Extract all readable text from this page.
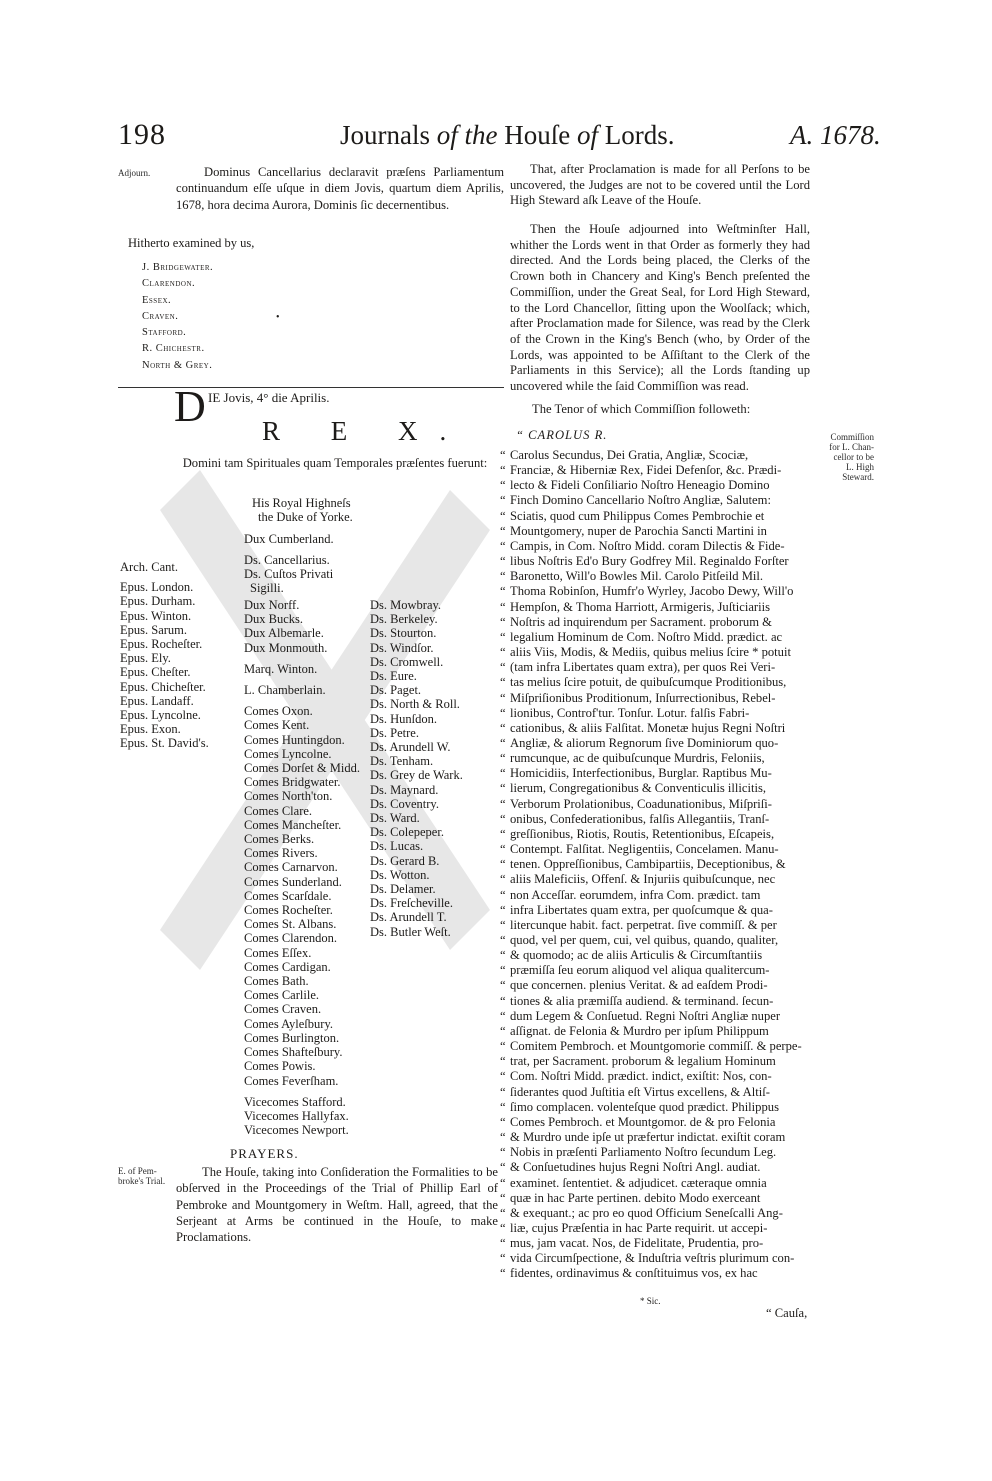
198	Journals of the Houſe of Lords.	A. 1678.
Adjourn.	Dominus Cancellarius declaravit præſens Parliamentum continuandum eſſe uſque in diem Jovis, quartum diem Aprilis, 1678, hora decima Aurora, Dominis ſic decernentibus.
Hitherto examined by us,
J. Bridgewater.
Clarendon.
Essex.
Craven.
Stafford.
R. Chichestr.
North & Grey.
•
D IE Jovis, 4° die Aprilis.
R E X.
Domini tam Spirituales quam Temporales præſentes fuerunt:
His Royal Highneſs
the Duke of Yorke.
Dux Cumberland.
Ds. Cancellarius.
Ds. Cuſtos Privati
Sigilli.
Arch. Cant.
Epus. London.
Epus. Durham.
Epus. Winton.
Epus. Sarum.
Epus. Rocheſter.
Epus. Ely.
Epus. Cheſter.
Epus. Chicheſter.
Epus. Landaff.
Epus. Lyncolne.
Epus. Exon.
Epus. St. David's.
Dux Norff.
Dux Bucks.
Dux Albemarle.
Dux Monmouth.
Marq. Winton.
L. Chamberlain.
Comes Oxon.
Comes Kent.
Comes Huntingdon.
Comes Lyncolne.
Comes Dorſet & Midd.
Comes Bridgwater.
Comes North'ton.
Comes Clare.
Comes Mancheſter.
Comes Berks.
Comes Rivers.
Comes Carnarvon.
Comes Sunderland.
Comes Scarſdale.
Comes Rocheſter.
Comes St. Albans.
Comes Clarendon.
Comes Eſſex.
Comes Cardigan.
Comes Bath.
Comes Carlile.
Comes Craven.
Comes Ayleſbury.
Comes Burlington.
Comes Shafteſbury.
Comes Powis.
Comes Feverſham.
Vicecomes Stafford.
Vicecomes Hallyfax.
Vicecomes Newport.
Ds. Mowbray.
Ds. Berkeley.
Ds. Stourton.
Ds. Windſor.
Ds. Cromwell.
Ds. Eure.
Ds. Paget.
Ds. North & Roll.
Ds. Hunſdon.
Ds. Petre.
Ds. Arundell W.
Ds. Tenham.
Ds. Grey de Wark.
Ds. Maynard.
Ds. Coventry.
Ds. Ward.
Ds. Colepeper.
Ds. Lucas.
Ds. Gerard B.
Ds. Wotton.
Ds. Delamer.
Ds. Freſcheville.
Ds. Arundell T.
Ds. Butler Weſt.
PRAYERS.
E. of Pem-
broke's Trial.
The Houſe, taking into Conſideration the Formalities to be obſerved in the Proceedings of the Trial of Phillip Earl of Pembroke and Mountgomery in Weſtm. Hall, agreed, that the Serjeant at Arms be continued in the Houſe, to make Proclamations.
That, after Proclamation is made for all Perſons to be uncovered, the Judges are not to be covered until the Lord High Steward aſk Leave of the Houſe.
Then the Houſe adjourned into Weſtminſter Hall, whither the Lords went in that Order as formerly they had directed. And the Lords being placed, the Clerks of the Crown both in Chancery and King's Bench preſented the Commiſſion, under the Great Seal, for Lord High Steward, to the Lord Chancellor, ſitting upon the Woolſack; which, after Proclamation made for Silence, was read by the Clerk of the Crown in the King's Bench (who, by Order of the Lords, was appointed to be Aſſiſtant to the Clerk of the Parliaments in this Service); all the Lords ſtanding up uncovered while the ſaid Commiſſion was read.
The Tenor of which Commiſſion followeth:
“ CAROLUS R.	Commiſſion
for L. Chan-
cellor to be
L. High
Steward.
“ Carolus Secundus, Dei Gratia, Angliæ, Scociæ,
“ Franciæ, & Hiberniæ Rex, Fidei Defenſor, &c. Prædi-
“ lecto & Fideli Conſiliario Noſtro Heneagio Domino
“ Finch Domino Cancellario Noſtro Angliæ, Salutem:
“ Sciatis, quod cum Philippus Comes Pembrochie et
“ Mountgomery, nuper de Parochia Sancti Martini in
“ Campis, in Com. Noſtro Midd. coram Dilectis & Fide-
“ libus Noſtris Ed'o Bury Godfrey Mil. Reginaldo Forſter
“ Baronetto, Will'o Bowles Mil. Carolo Pitſeild Mil.
“ Thoma Robinſon, Humfr'o Wyrley, Jacobo Dewy, Will'o
“ Hempſon, & Thoma Harriott, Armigeris, Juſticiariis
“ Noſtris ad inquirendum per Sacrament. proborum &
“ legalium Hominum de Com. Noſtro Midd. prædict. ac
“ aliis Viis, Modis, & Mediis, quibus melius ſcire * potuit
“ (tam infra Libertates quam extra), per quos Rei Veri-
“ tas melius ſcire potuit, de quibuſcumque Proditionibus,
“ Miſpriſionibus Proditionum, Inſurrectionibus, Rebel-
“ lionibus, Controf'tur. Tonſur. Lotur. falſis Fabri-
“ cationibus, & aliis Falſitat. Monetæ hujus Regni Noſtri
“ Angliæ, & aliorum Regnorum ſive Dominiorum quo-
“ rumcunque, ac de quibuſcunque Murdris, Feloniis,
“ Homicidiis, Interfectionibus, Burglar. Raptibus Mu-
“ lierum, Congregationibus & Conventiculis illicitis,
“ Verborum Prolationibus, Coadunationibus, Miſpriſi-
“ onibus, Confederationibus, falſis Allegantiis, Tranſ-
“ greſſionibus, Riotis, Routis, Retentionibus, Eſcapeis,
“ Contempt. Falſitat. Negligentiis, Concelamen. Manu-
“ tenen. Oppreſſionibus, Cambipartiis, Deceptionibus, &
“ aliis Maleficiis, Offenſ. & Injuriis quibuſcunque, nec
“ non Acceſſar. eorumdem, infra Com. prædict. tam
“ infra Libertates quam extra, per quoſcumque & qua-
“ litercunque habit. fact. perpetrat. ſive commiſſ. & per
“ quod, vel per quem, cui, vel quibus, quando, qualiter,
“ & quomodo; ac de aliis Articulis & Circumſtantiis
“ præmiſſa ſeu eorum aliquod vel aliqua qualitercum-
“ que concernen. plenius Veritat. & ad eaſdem Prodi-
“ tiones & alia præmiſſa audiend. & terminand. ſecun-
“ dum Legem & Conſuetud. Regni Noſtri Angliæ nuper
“ aſſignat. de Felonia & Murdro per ipſum Philippum
“ Comitem Pembroch. et Mountgomorie commiſſ. & perpe-
“ trat, per Sacrament. proborum & legalium Hominum
“ Com. Noſtri Midd. prædict. indict, exiſtit: Nos, con-
“ ſiderantes quod Juſtitia eſt Virtus excellens, & Altiſ-
“ ſimo complacen. volenteſque quod prædict. Philippus
“ Comes Pembroch. et Mountgomor. de & pro Felonia
“ & Murdro unde ipſe ut præfertur indictat. exiſtit coram
“ Nobis in præſenti Parliamento Noſtro ſecundum Leg.
“ & Conſuetudines hujus Regni Noſtri Angl. audiat.
“ examinet. ſententiet. & adjudicet. cæteraque omnia
“ quæ in hac Parte pertinen. debito Modo exerceant
“ & exequant.; ac pro eo quod Officium Seneſcalli Ang-
“ liæ, cujus Præſentia in hac Parte requirit. ut accepi-
“ mus, jam vacat. Nos, de Fidelitate, Prudentia, pro-
“ vida Circumſpectione, & Induſtria veſtris plurimum con-
“ fidentes, ordinavimus & conſtituimus vos, ex hac
* Sic.
“ Cauſa,
